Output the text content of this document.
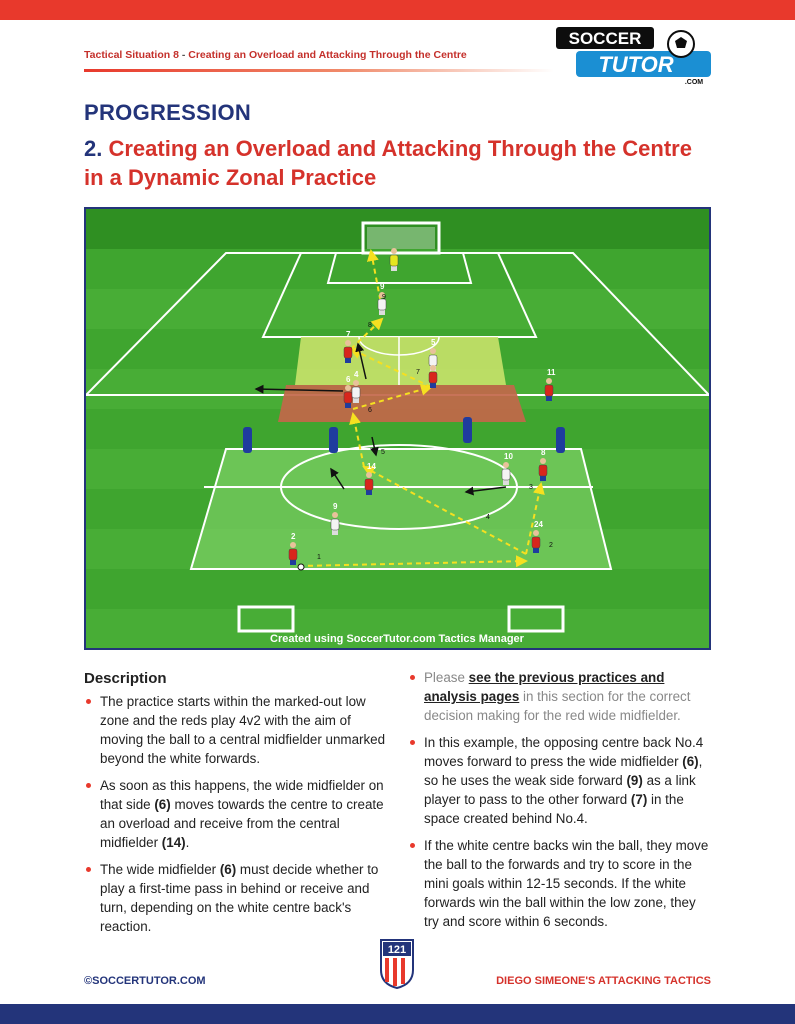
Tactical Situation 8 - Creating an Overload and Attacking Through the Centre
SOCCER
TUTOR
.COM
PROGRESSION
2. Creating an Overload and Attacking Through the Centre in a Dynamic Zonal Practice
2
14
9
10	8
24
6
4
7
5
11
9
1
2
3
4
5
6
7
8
9
Created using SoccerTutor.com Tactics Manager
Description
The practice starts within the marked-out low zone and the reds play 4v2 with the aim of moving the ball to a central midfielder unmarked beyond the white forwards.
As soon as this happens, the wide midfielder on that side (6) moves towards the centre to create an overload and receive from the central midfielder (14).
The wide midfielder (6) must decide whether to play a first-time pass in behind or receive and turn, depending on the white centre back's reaction.
Please see the previous practices and analysis pages in this section for the correct decision making for the red wide midfielder.
In this example, the opposing centre back No.4 moves forward to press the wide midfielder (6), so he uses the weak side forward (9) as a link player to pass to the other forward (7) in the space created behind No.4.
If the white centre backs win the ball, they move the ball to the forwards and try to score in the mini goals within 12-15 seconds. If the white forwards win the ball within the low zone, they try and score within 6 seconds.
121
©SOCCERTUTOR.COM	DIEGO SIMEONE'S ATTACKING TACTICS
